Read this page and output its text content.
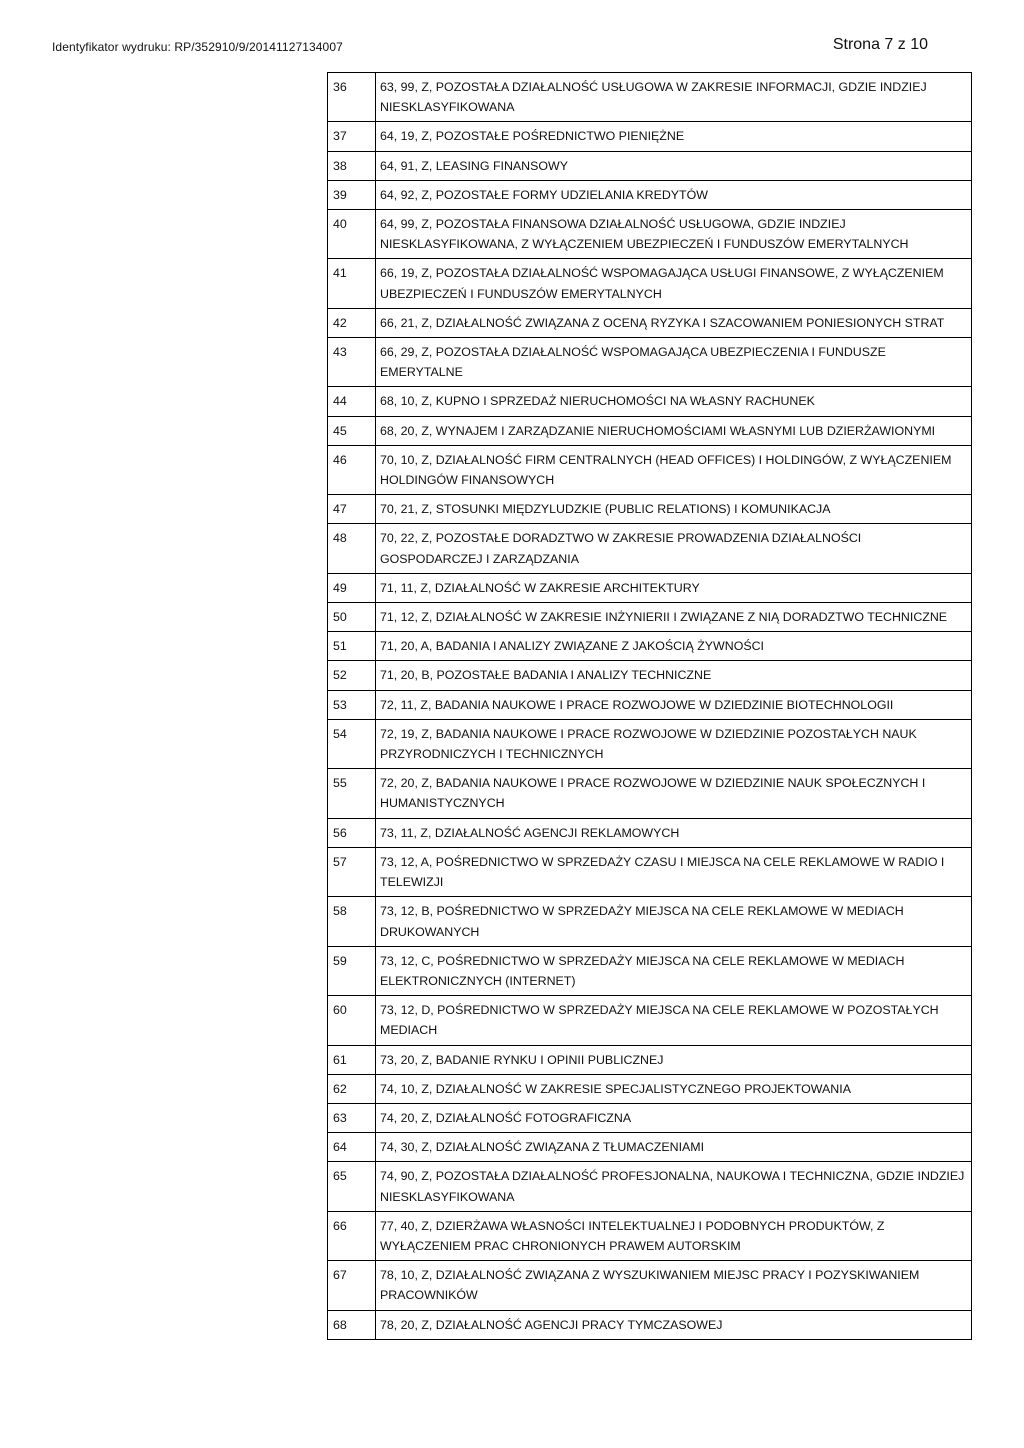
Identyfikator wydruku: RP/352910/9/20141127134007	Strona 7 z 10
36	63, 99, Z, POZOSTAŁA DZIAŁALNOŚĆ USŁUGOWA W ZAKRESIE INFORMACJI, GDZIE INDZIEJ NIESKLASYFIKOWANA
37	64, 19, Z, POZOSTAŁE POŚREDNICTWO PIENIĘŻNE
38	64, 91, Z, LEASING FINANSOWY
39	64, 92, Z, POZOSTAŁE FORMY UDZIELANIA KREDYTÓW
40	64, 99, Z, POZOSTAŁA FINANSOWA DZIAŁALNOŚĆ USŁUGOWA, GDZIE INDZIEJ NIESKLASYFIKOWANA, Z WYŁĄCZENIEM UBEZPIECZEŃ I FUNDUSZÓW EMERYTALNYCH
41	66, 19, Z, POZOSTAŁA DZIAŁALNOŚĆ WSPOMAGAJĄCA USŁUGI FINANSOWE, Z WYŁĄCZENIEM UBEZPIECZEŃ I FUNDUSZÓW EMERYTALNYCH
42	66, 21, Z, DZIAŁALNOŚĆ ZWIĄZANA Z OCENĄ RYZYKA I SZACOWANIEM PONIESIONYCH STRAT
43	66, 29, Z, POZOSTAŁA DZIAŁALNOŚĆ WSPOMAGAJĄCA UBEZPIECZENIA I FUNDUSZE EMERYTALNE
44	68, 10, Z, KUPNO I SPRZEDAŻ NIERUCHOMOŚCI NA WŁASNY RACHUNEK
45	68, 20, Z, WYNAJEM I ZARZĄDZANIE NIERUCHOMOŚCIAMI WŁASNYMI LUB DZIERŻAWIONYMI
46	70, 10, Z, DZIAŁALNOŚĆ FIRM CENTRALNYCH (HEAD OFFICES) I HOLDINGÓW, Z WYŁĄCZENIEM HOLDINGÓW FINANSOWYCH
47	70, 21, Z, STOSUNKI MIĘDZYLUDZKIE (PUBLIC RELATIONS) I KOMUNIKACJA
48	70, 22, Z, POZOSTAŁE DORADZTWO W ZAKRESIE PROWADZENIA DZIAŁALNOŚCI GOSPODARCZEJ I ZARZĄDZANIA
49	71, 11, Z, DZIAŁALNOŚĆ W ZAKRESIE ARCHITEKTURY
50	71, 12, Z, DZIAŁALNOŚĆ W ZAKRESIE INŻYNIERII I ZWIĄZANE Z NIĄ DORADZTWO TECHNICZNE
51	71, 20, A, BADANIA I ANALIZY ZWIĄZANE Z JAKOŚCIĄ ŻYWNOŚCI
52	71, 20, B, POZOSTAŁE BADANIA I ANALIZY TECHNICZNE
53	72, 11, Z, BADANIA NAUKOWE I PRACE ROZWOJOWE W DZIEDZINIE BIOTECHNOLOGII
54	72, 19, Z, BADANIA NAUKOWE I PRACE ROZWOJOWE W DZIEDZINIE POZOSTAŁYCH NAUK PRZYRODNICZYCH I TECHNICZNYCH
55	72, 20, Z, BADANIA NAUKOWE I PRACE ROZWOJOWE W DZIEDZINIE NAUK SPOŁECZNYCH I HUMANISTYCZNYCH
56	73, 11, Z, DZIAŁALNOŚĆ AGENCJI REKLAMOWYCH
57	73, 12, A, POŚREDNICTWO W SPRZEDAŻY CZASU I MIEJSCA NA CELE REKLAMOWE W RADIO I TELEWIZJI
58	73, 12, B, POŚREDNICTWO W SPRZEDAŻY MIEJSCA NA CELE REKLAMOWE W MEDIACH DRUKOWANYCH
59	73, 12, C, POŚREDNICTWO W SPRZEDAŻY MIEJSCA NA CELE REKLAMOWE W MEDIACH ELEKTRONICZNYCH (INTERNET)
60	73, 12, D, POŚREDNICTWO W SPRZEDAŻY MIEJSCA NA CELE REKLAMOWE W POZOSTAŁYCH MEDIACH
61	73, 20, Z, BADANIE RYNKU I OPINII PUBLICZNEJ
62	74, 10, Z, DZIAŁALNOŚĆ W ZAKRESIE SPECJALISTYCZNEGO PROJEKTOWANIA
63	74, 20, Z, DZIAŁALNOŚĆ FOTOGRAFICZNA
64	74, 30, Z, DZIAŁALNOŚĆ ZWIĄZANA Z TŁUMACZENIAMI
65	74, 90, Z, POZOSTAŁA DZIAŁALNOŚĆ PROFESJONALNA, NAUKOWA I TECHNICZNA, GDZIE INDZIEJ NIESKLASYFIKOWANA
66	77, 40, Z, DZIERŻAWA WŁASNOŚCI INTELEKTUALNEJ I PODOBNYCH PRODUKTÓW, Z WYŁĄCZENIEM PRAC CHRONIONYCH PRAWEM AUTORSKIM
67	78, 10, Z, DZIAŁALNOŚĆ ZWIĄZANA Z WYSZUKIWANIEM MIEJSC PRACY I POZYSKIWANIEM PRACOWNIKÓW
68	78, 20, Z, DZIAŁALNOŚĆ AGENCJI PRACY TYMCZASOWEJ
